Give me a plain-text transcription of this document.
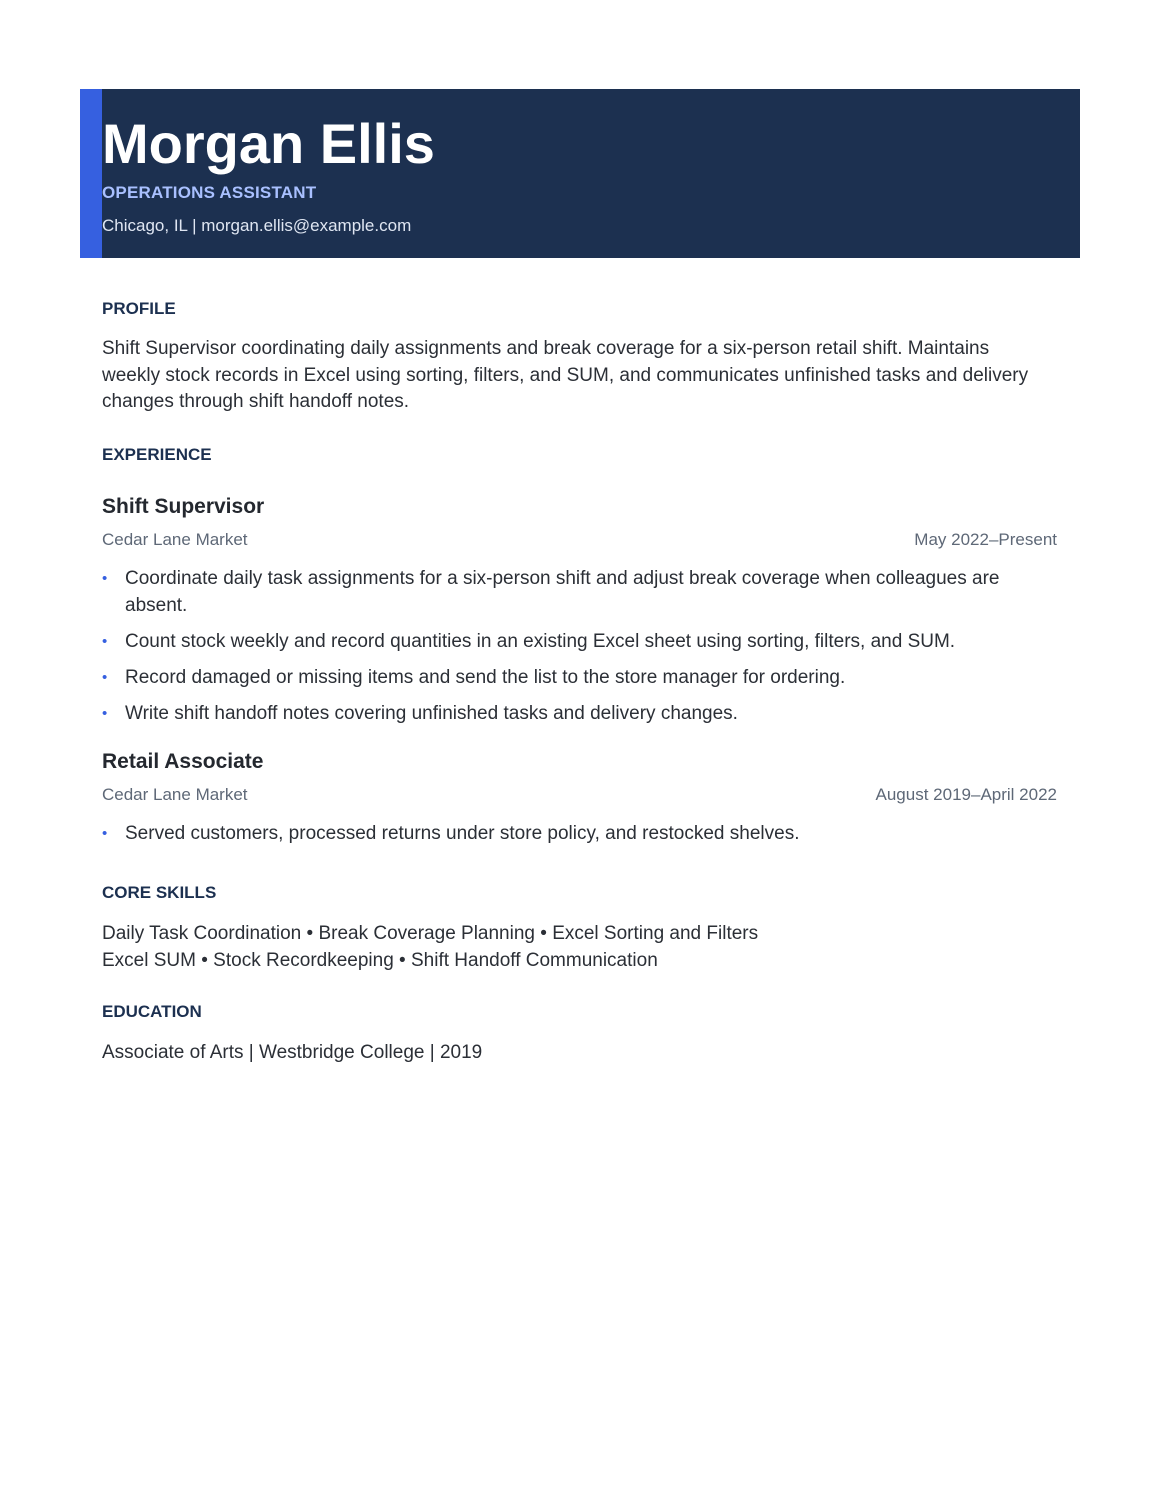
Morgan Ellis
OPERATIONS ASSISTANT
Chicago, IL | morgan.ellis@example.com
PROFILE

Shift Supervisor coordinating daily assignments and break coverage for a six-person retail shift. Maintains weekly stock records in Excel using sorting, filters, and SUM, and communicates unfinished tasks and delivery changes through shift handoff notes.

EXPERIENCE
Shift Supervisor
Cedar Lane Market	May 2022–Present
• Coordinate daily task assignments for a six-person shift and adjust break coverage when colleagues are absent.
• Count stock weekly and record quantities in an existing Excel sheet using sorting, filters, and SUM.
• Record damaged or missing items and send the list to the store manager for ordering.
• Write shift handoff notes covering unfinished tasks and delivery changes.
Retail Associate
Cedar Lane Market	August 2019–April 2022
• Served customers, processed returns under store policy, and restocked shelves.
CORE SKILLS
Daily Task Coordination • Break Coverage Planning • Excel Sorting and Filters
Excel SUM • Stock Recordkeeping • Shift Handoff Communication
EDUCATION
Associate of Arts | Westbridge College | 2019
